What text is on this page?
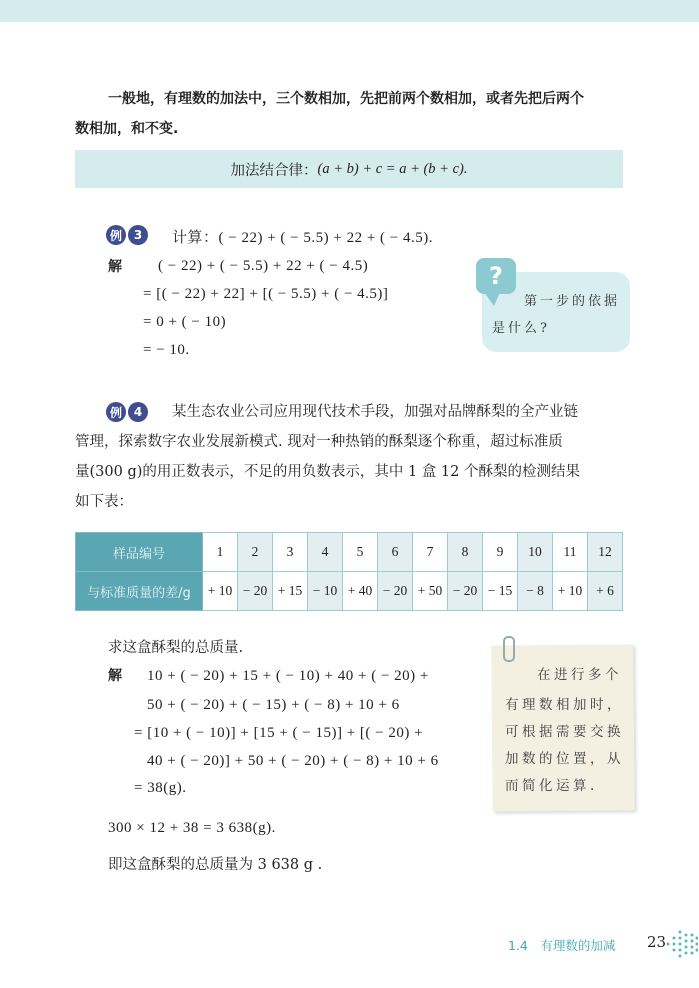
一般地，有理数的加法中，三个数相加，先把前两个数相加，或者先把后两个
数相加，和不变.
加法结合律： (a + b) + c = a + (b + c).
例 3	计算：( − 22) + ( − 5.5) + 22 + ( − 4.5).
解 ( − 22) + ( − 5.5) + 22 + ( − 4.5)
= [( − 22) + 22] + [( − 5.5) + ( − 4.5)]
= 0 + ( − 10)
= − 10.
?
第一步的依据
是什么?
例 4	某生态农业公司应用现代技术手段，加强对品牌酥梨的全产业链
管理，探索数字农业发展新模式. 现对一种热销的酥梨逐个称重，超过标准质
量(300 g)的用正数表示，不足的用负数表示，其中 1 盒 12 个酥梨的检测结果
如下表：
样品编号	1	2	3	4	5	6	7	8	9	10	11	12
与标准质量的差/g	+ 10	− 20	+ 15	− 10	+ 40	− 20	+ 50	− 20	− 15	− 8	+ 10	+ 6
求这盒酥梨的总质量.
解 10 + ( − 20) + 15 + ( − 10) + 40 + ( − 20) +
50 + ( − 20) + ( − 15) + ( − 8) + 10 + 6
= [10 + ( − 10)] + [15 + ( − 15)] + [( − 20) +
40 + ( − 20)] + 50 + ( − 20) + ( − 8) + 10 + 6
= 38(g).
300 × 12 + 38 = 3 638(g).
即这盒酥梨的总质量为 3 638 g .
在进行多个
有理数相加时，
可根据需要交换
加数的位置，从
而简化运算.
1.4　有理数的加减 23
